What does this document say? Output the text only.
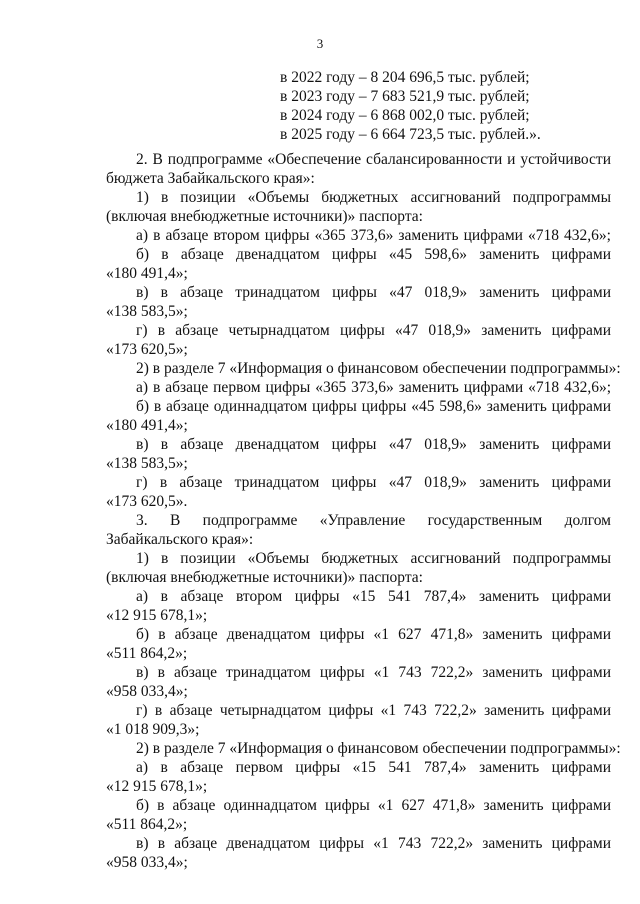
3
в 2022 году – 8 204 696,5 тыс. рублей;
в 2023 году – 7 683 521,9 тыс. рублей;
в 2024 году – 6 868 002,0 тыс. рублей;
в 2025 году – 6 664 723,5 тыс. рублей.».
2. В подпрограмме «Обеспечение сбалансированности и устойчивости
бюджета Забайкальского края»:
1) в позиции «Объемы бюджетных ассигнований подпрограммы
(включая внебюджетные источники)» паспорта:
а) в абзаце втором цифры «365 373,6» заменить цифрами «718 432,6»;
б) в абзаце двенадцатом цифры «45 598,6» заменить цифрами
«180 491,4»;
в) в абзаце тринадцатом цифры «47 018,9» заменить цифрами
«138 583,5»;
г) в абзаце четырнадцатом цифры «47 018,9» заменить цифрами
«173 620,5»;
2) в разделе 7 «Информация о финансовом обеспечении подпрограммы»:
а) в абзаце первом цифры «365 373,6» заменить цифрами «718 432,6»;
б) в абзаце одиннадцатом цифры цифры «45 598,6» заменить цифрами
«180 491,4»;
в) в абзаце двенадцатом цифры «47 018,9» заменить цифрами
«138 583,5»;
г) в абзаце тринадцатом цифры «47 018,9» заменить цифрами
«173 620,5».
3. В подпрограмме «Управление государственным долгом
Забайкальского края»:
1) в позиции «Объемы бюджетных ассигнований подпрограммы
(включая внебюджетные источники)» паспорта:
а) в абзаце втором цифры «15 541 787,4» заменить цифрами
«12 915 678,1»;
б) в абзаце двенадцатом цифры «1 627 471,8» заменить цифрами
«511 864,2»;
в) в абзаце тринадцатом цифры «1 743 722,2» заменить цифрами
«958 033,4»;
г) в абзаце четырнадцатом цифры «1 743 722,2» заменить цифрами
«1 018 909,3»;
2) в разделе 7 «Информация о финансовом обеспечении подпрограммы»:
а) в абзаце первом цифры «15 541 787,4» заменить цифрами
«12 915 678,1»;
б) в абзаце одиннадцатом цифры «1 627 471,8» заменить цифрами
«511 864,2»;
в) в абзаце двенадцатом цифры «1 743 722,2» заменить цифрами
«958 033,4»;
